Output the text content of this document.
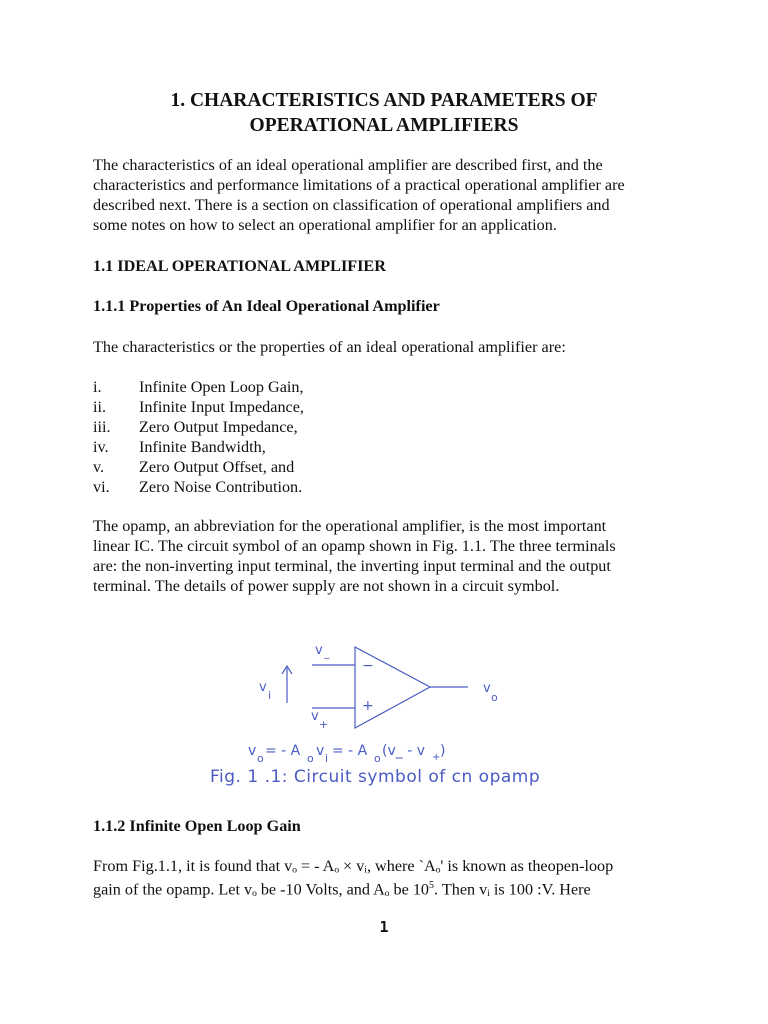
1. CHARACTERISTICS AND PARAMETERS OF
OPERATIONAL AMPLIFIERS
The characteristics of an ideal operational amplifier are described first, and the
characteristics and performance limitations of a practical operational amplifier are
described next. There is a section on classification of operational amplifiers and
some notes on how to select an operational amplifier for an application.
1.1 IDEAL OPERATIONAL AMPLIFIER
1.1.1 Properties of An Ideal Operational Amplifier
The characteristics or the properties of an ideal operational amplifier are:
i.	Infinite Open Loop Gain,
ii.	Infinite Input Impedance,
iii.	Zero Output Impedance,
iv.	Infinite Bandwidth,
v.	Zero Output Offset, and
vi.	Zero Noise Contribution.
The opamp, an abbreviation for the operational amplifier, is the most important
linear IC. The circuit symbol of an opamp shown in Fig. 1.1. The three terminals
are: the non-inverting input terminal, the inverting input terminal and the output
terminal. The details of power supply are not shown in a circuit symbol.
−
+
v _
v
+
v
i	v
o
v o = - A o v i = - A o (v_ - v + )
Fig. 1 .1: Circuit symbol of cn opamp
1.1.2 Infinite Open Loop Gain
From Fig.1.1, it is found that vₒ = - Aₒ × vᵢ, where `Aₒ' is known as theopen-loop
gain of the opamp. Let vₒ be -10 Volts, and Aₒ be $10^5$. Then vᵢ is 100 :V. Here
1
